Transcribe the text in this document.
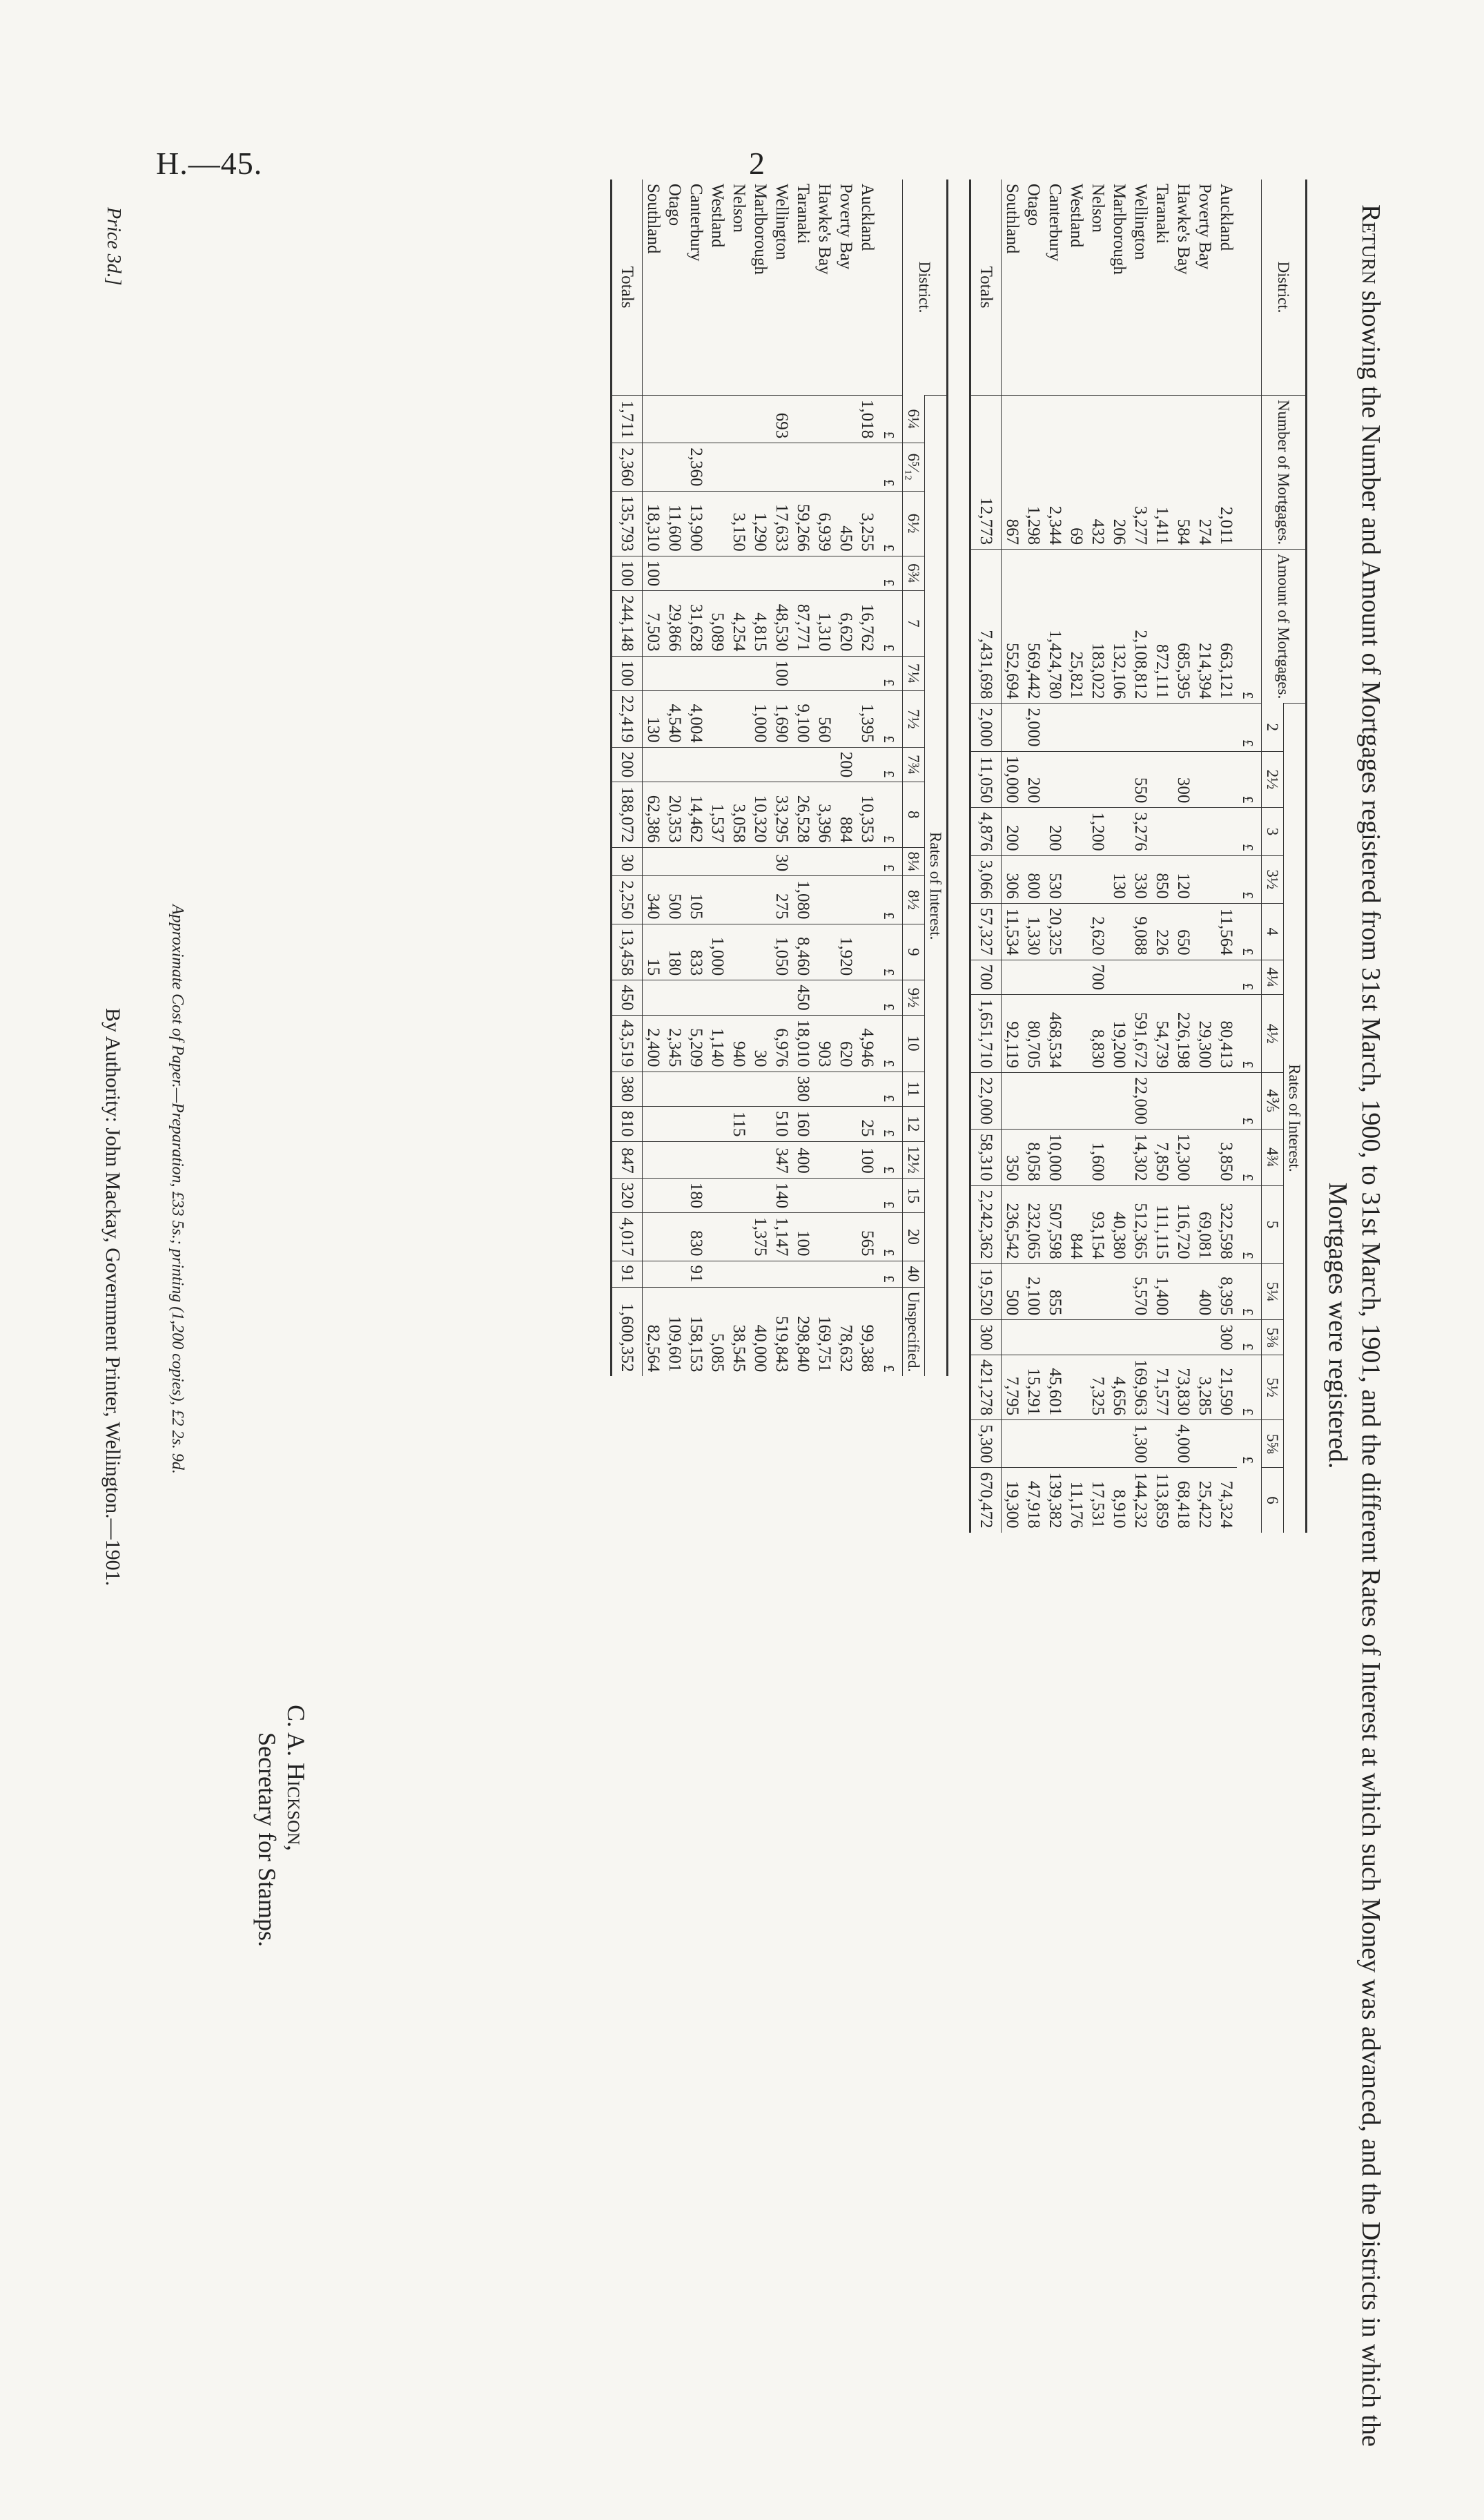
H.—45.	2
Return showing the Number and Amount of Mortgages registered from 31st March, 1900, to 31st March, 1901, and the different Rates of Interest at which such Money was advanced, and the Districts in which the Mortgages were registered.
District.	Number of Mortgages.	Amount of Mortgages.	Rates of Interest.														
			2	2½	3	3½	4	4¼	4½	4⅗	4¾	5	5¼	5⅜	5½	5⅝	6
		£	£	£	£	£	£	£	£	£	£	£	£	£	£	£	
Auckland	2,011	663,121					11,564		80,413		3,850	322,598	8,395	300	21,590		74,324
Poverty Bay	274	214,394							29,300			69,081	400		3,285		25,422
Hawke's Bay	584	685,395		300		120	650		226,198		12,300	116,720			73,830	4,000	68,418
Taranaki	1,411	872,111				850	226		54,739		7,850	111,115	1,400		71,577		113,859
Wellington	3,277	2,108,812		550	3,276	330	9,088		591,672	22,000	14,302	512,365	5,570		169,963	1,300	144,232
Marlborough	206	132,106				130			19,200			40,380			4,656		8,910
Nelson	432	183,022			1,200		2,620	700	8,830		1,600	93,154			7,325		17,531
Westland	69	25,821										844					11,176
Canterbury	2,344	1,424,780			200	530	20,325		468,534		10,000	507,598	855		45,601		139,382
Otago	1,298	569,442	2,000	200		800	1,330		80,705		8,058	232,065	2,100		15,291		47,918
Southland	867	552,694		10,000	200	306	11,534		92,119		350	236,542	500		7,795		19,300
Totals	12,773	7,431,698	2,000	11,050	4,876	3,066	57,327	700	1,651,710	22,000	58,310	2,242,362	19,520	300	421,278	5,300	670,472
District.	Rates of Interest.																				
	6¼	6⁵⁄₁₂	6½	6¾	7	7¼	7½	7¾	8	8¼	8½	9	9½	10	11	12	12½	15	20	40	Unspecified.
	£	£	£	£	£	£	£	£	£	£	£	£	£	£	£	£	£	£	£	£	£
Auckland	1,018		3,255		16,762		1,395		10,353					4,946		25	100		565		99,388
Poverty Bay			450		6,620			200	884			1,920		620							78,632
Hawke's Bay			6,939		1,310		560		3,396					903							169,751
Taranaki			59,266		87,771		9,100		26,528		1,080	8,460	450	18,010	380	160	400		100		298,840
Wellington	693		17,633		48,530	100	1,690		33,295	30	275	1,050		6,976		510	347	140	1,147		519,843
Marlborough			1,290		4,815		1,000		10,320					30					1,375		40,000
Nelson			3,150		4,254				3,058					940		115					38,545
Westland					5,089				1,537			1,000		1,140							5,085
Canterbury		2,360	13,900		31,628		4,004		14,462		105	833		5,209				180	830	91	158,153
Otago			11,600		29,866		4,540		20,353		500	180		2,345							109,601
Southland			18,310	100	7,503		130		62,386		340	15		2,400							82,564
Totals	1,711	2,360	135,793	100	244,148	100	22,419	200	188,072	30	2,250	13,458	450	43,519	380	810	847	320	4,017	91	1,600,352
C. A. Hickson,
Secretary for Stamps.
Approximate Cost of Paper.—Preparation, £33 5s.; printing (1,200 copies), £2 2s. 9d.
By Authority: John Mackay, Government Printer, Wellington.—1901.
Price 3d.]
